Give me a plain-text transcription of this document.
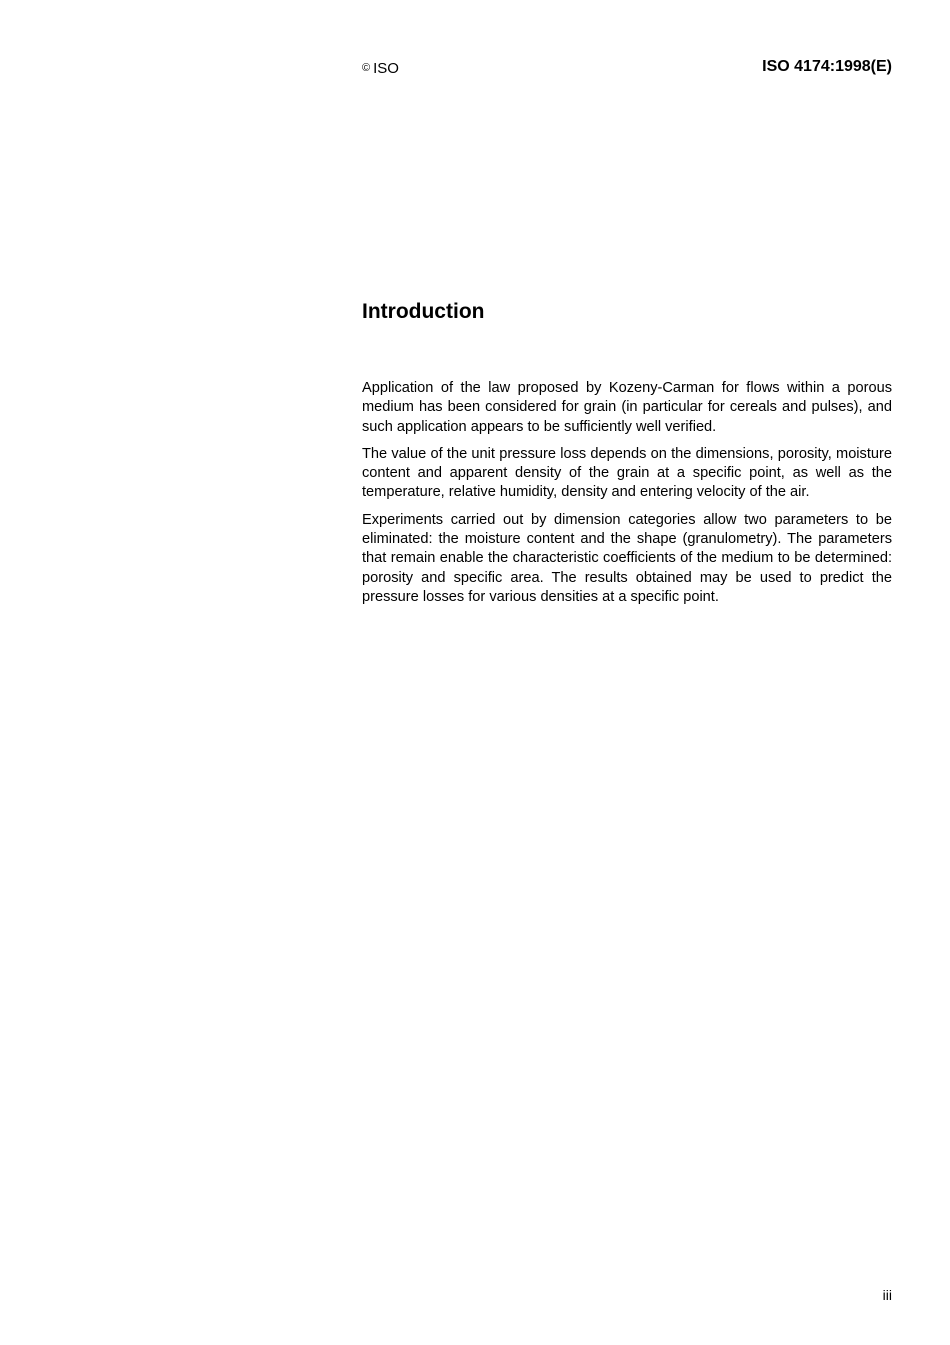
© ISO	ISO 4174:1998(E)
Introduction

Application of the law proposed by Kozeny-Carman for flows within a porous medium has been considered for grain (in particular for cereals and pulses), and such application appears to be sufficiently well verified.

The value of the unit pressure loss depends on the dimensions, porosity, moisture content and apparent density of the grain at a specific point, as well as the temperature, relative humidity, density and entering velocity of the air.

Experiments carried out by dimension categories allow two parameters to be eliminated: the moisture content and the shape (granulometry). The parameters that remain enable the characteristic coefficients of the medium to be determined: porosity and specific area. The results obtained may be used to predict the pressure losses for various densities at a specific point.

iii
